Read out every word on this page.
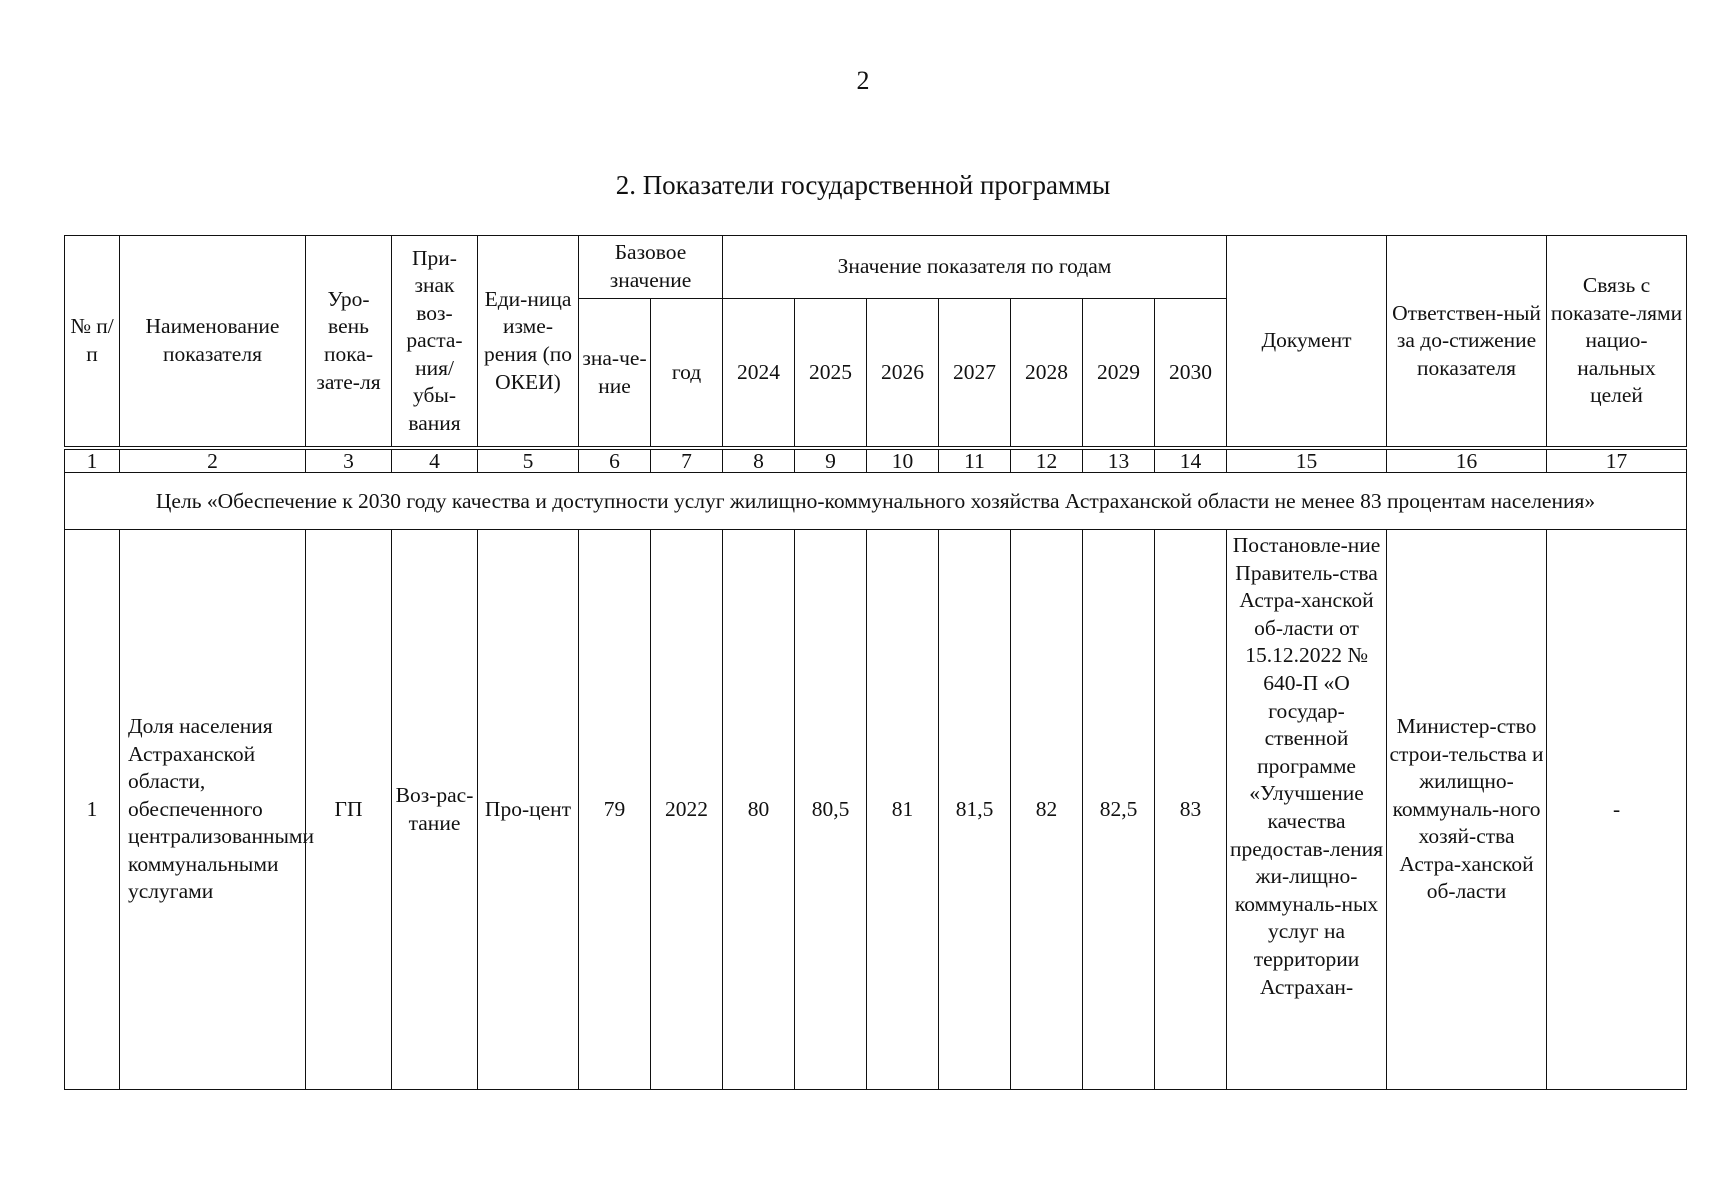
2
2. Показатели государственной программы
№ п/п	Наименование показателя	Уро-вень пока-зате-ля	При-знак воз-раста-ния/ убы-вания	Еди-ница изме-рения (по ОКЕИ)	Базовое значение		Значение показателя по годам							Документ	Ответствен-ный за до-стижение показателя	Связь с показате-лями нацио-нальных целей
					зна-че-ние	год	2024	2025	2026	2027	2028	2029	2030			
1	2	3	4	5	6	7	8	9	10	11	12	13	14	15	16	17
Цель «Обеспечение к 2030 году качества и доступности услуг жилищно-коммунального хозяйства Астраханской области не менее 83 процентам населения»																
1	Доля населения Астраханской области, обеспеченного централизованными коммунальными услугами	ГП	Воз-рас-тание	Про-цент	79	2022	80	80,5	81	81,5	82	82,5	83	Постановле-ние Правитель-ства Астра-ханской об-ласти от 15.12.2022 № 640-П «О государ-ственной программе «Улучшение качества предостав-ления жи-лищно-коммуналь-ных услуг на территории Астрахан-	Министер-ство строи-тельства и жилищно-коммуналь-ного хозяй-ства Астра-ханской об-ласти	-
